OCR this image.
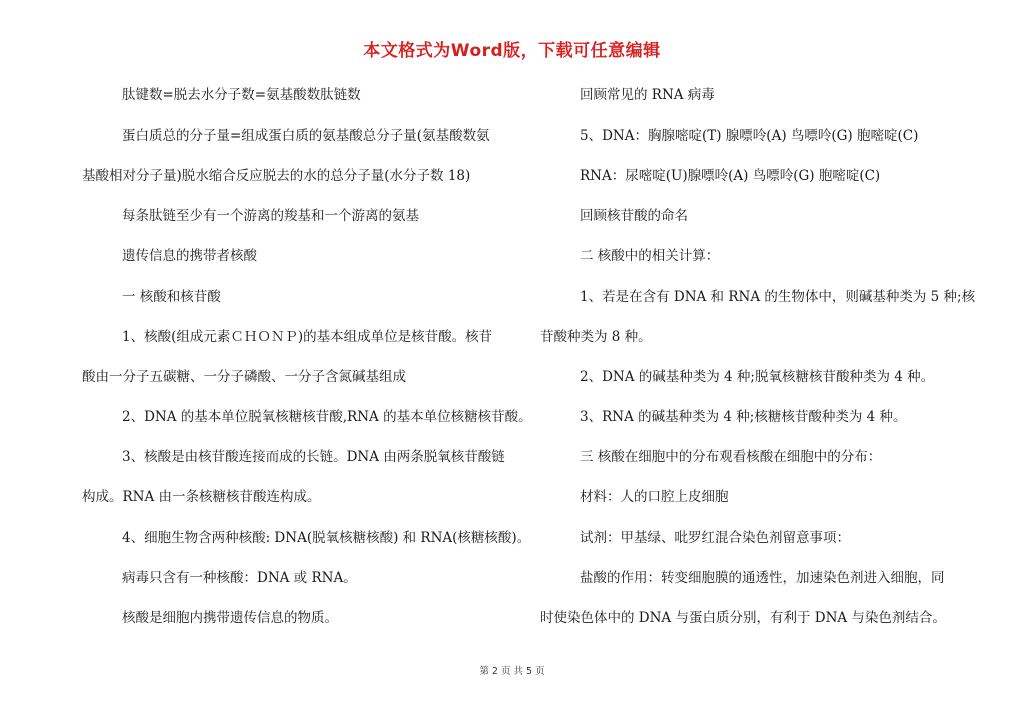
本文格式为Word版，下载可任意编辑
肽键数=脱去水分子数=氨基酸数肽链数
蛋白质总的分子量=组成蛋白质的氨基酸总分子量(氨基酸数氨
基酸相对分子量)脱水缩合反应脱去的水的总分子量(水分子数 18)
每条肽链至少有一个游离的羧基和一个游离的氨基
遗传信息的携带者核酸
一 核酸和核苷酸
1、核酸(组成元素ＣＨＯＮＰ)的基本组成单位是核苷酸。核苷
酸由一分子五碳糖、一分子磷酸、一分子含氮碱基组成
2、DNA 的基本单位脱氧核糖核苷酸,RNA 的基本单位核糖核苷酸。
3、核酸是由核苷酸连接而成的长链。DNA 由两条脱氧核苷酸链
构成。RNA 由一条核糖核苷酸连构成。
4、细胞生物含两种核酸: DNA(脱氧核糖核酸) 和 RNA(核糖核酸)。
病毒只含有一种核酸：DNA 或 RNA。
核酸是细胞内携带遗传信息的物质。
回顾常见的 RNA 病毒
5、DNA：胸腺嘧啶(T) 腺嘌呤(A) 鸟嘌呤(G) 胞嘧啶(C)
RNA：尿嘧啶(U)腺嘌呤(A) 鸟嘌呤(G) 胞嘧啶(C)
回顾核苷酸的命名
二 核酸中的相关计算：
1、若是在含有 DNA 和 RNA 的生物体中，则碱基种类为 5 种;核
苷酸种类为 8 种。
2、DNA 的碱基种类为 4 种;脱氧核糖核苷酸种类为 4 种。
3、RNA 的碱基种类为 4 种;核糖核苷酸种类为 4 种。
三 核酸在细胞中的分布观看核酸在细胞中的分布：
材料：人的口腔上皮细胞
试剂：甲基绿、吡罗红混合染色剂留意事项：
盐酸的作用：转变细胞膜的通透性，加速染色剂进入细胞，同
时使染色体中的 DNA 与蛋白质分别，有利于 DNA 与染色剂结合。
第 2 页 共 5 页
